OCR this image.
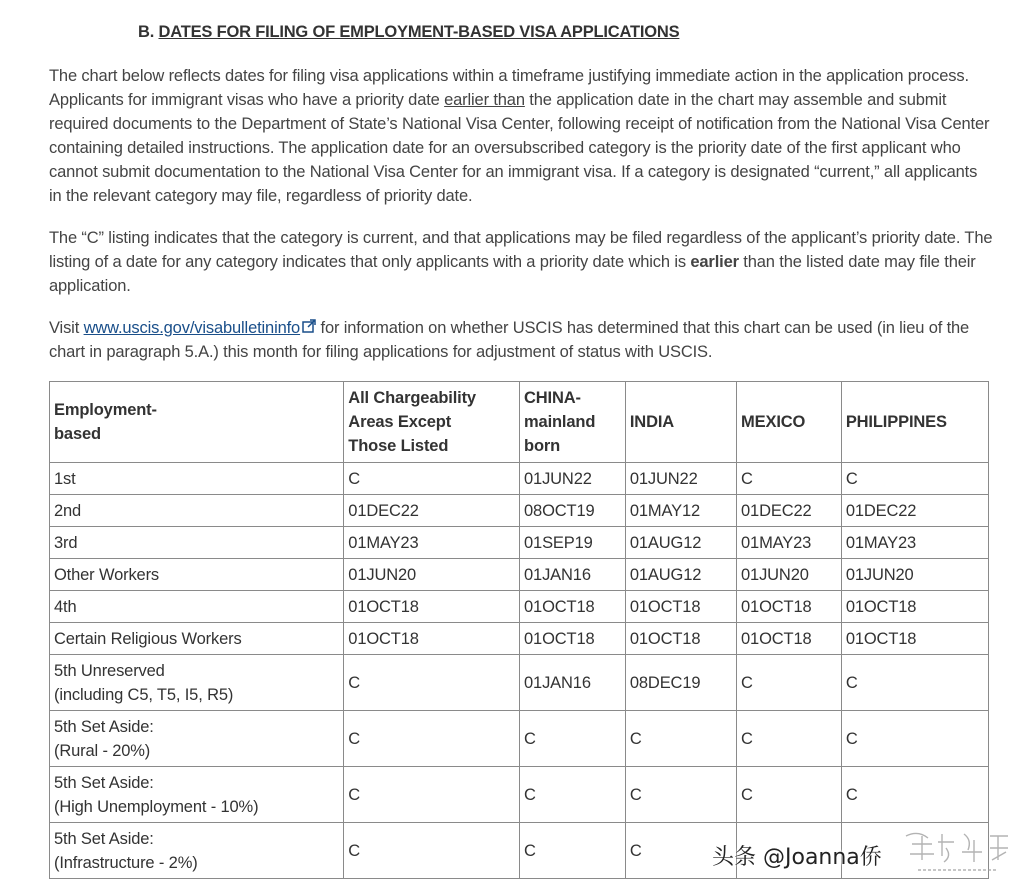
B. DATES FOR FILING OF EMPLOYMENT-BASED VISA APPLICATIONS

The chart below reflects dates for filing visa applications within a timeframe justifying immediate action in the application process. Applicants for immigrant visas who have a priority date earlier than the application date in the chart may assemble and submit required documents to the Department of State’s National Visa Center, following receipt of notification from the National Visa Center containing detailed instructions. The application date for an oversubscribed category is the priority date of the first applicant who cannot submit documentation to the National Visa Center for an immigrant visa. If a category is designated “current,” all applicants in the relevant category may file, regardless of priority date.

The “C” listing indicates that the category is current, and that applications may be filed regardless of the applicant’s priority date. The listing of a date for any category indicates that only applicants with a priority date which is earlier than the listed date may file their application.

Visit www.uscis.gov/visabulletininfo for information on whether USCIS has determined that this chart can be used (in lieu of the chart in paragraph 5.A.) this month for filing applications for adjustment of status with USCIS.

Employment-
based	All Chargeability
Areas Except
Those Listed	CHINA-
mainland
born	INDIA	MEXICO	PHILIPPINES

1st	C	01JUN22	01JUN22	C	C

2nd	01DEC22	08OCT19	01MAY12	01DEC22	01DEC22

3rd	01MAY23	01SEP19	01AUG12	01MAY23	01MAY23

Other Workers	01JUN20	01JAN16	01AUG12	01JUN20	01JUN20

4th	01OCT18	01OCT18	01OCT18	01OCT18	01OCT18

Certain Religious Workers	01OCT18	01OCT18	01OCT18	01OCT18	01OCT18

5th Unreserved
(including C5, T5, I5, R5)	C	01JAN16	08DEC19	C	C

5th Set Aside:
(Rural - 20%)	C	C	C	C	C

5th Set Aside:
(High Unemployment - 10%)	C	C	C	C	C

5th Set Aside:
(Infrastructure - 2%)	C	C	C			头条 @Joanna侨
